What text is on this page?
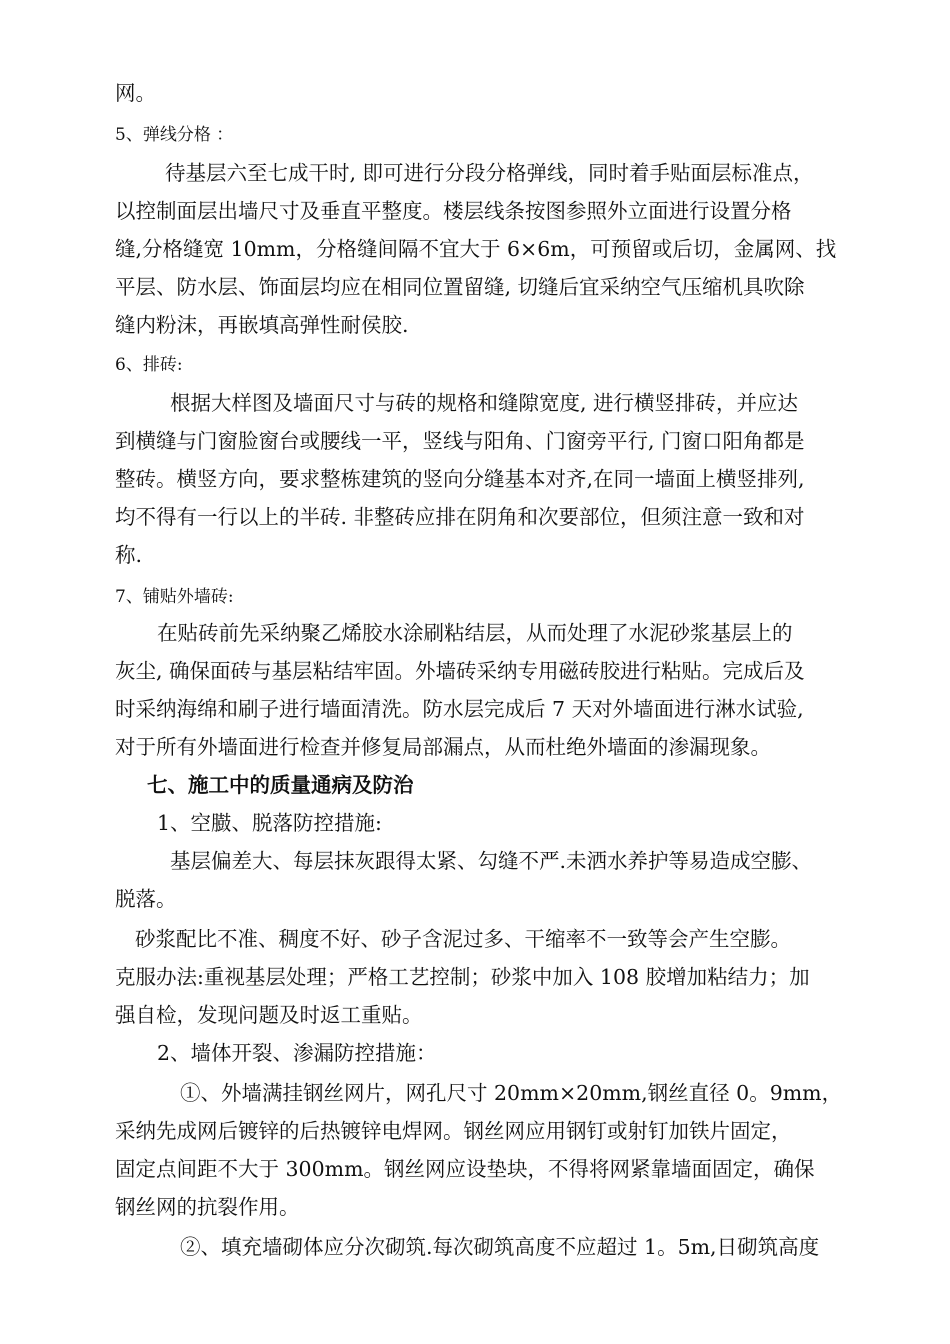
网。
5、弹线分格 ：
待基层六至七成干时, 即可进行分段分格弹线，同时着手贴面层标准点，
以控制面层出墙尺寸及垂直平整度。楼层线条按图参照外立面进行设置分格
缝,分格缝宽 10mm，分格缝间隔不宜大于 6×6m，可预留或后切，金属网、找
平层、防水层、饰面层均应在相同位置留缝, 切缝后宜采纳空气压缩机具吹除
缝内粉沫，再嵌填高弹性耐侯胶.
6、排砖:
根据大样图及墙面尺寸与砖的规格和缝隙宽度, 进行横竖排砖，并应达
到横缝与门窗脸窗台或腰线一平，竖线与阳角、门窗旁平行, 门窗口阳角都是
整砖。横竖方向，要求整栋建筑的竖向分缝基本对齐,在同一墙面上横竖排列,
均不得有一行以上的半砖. 非整砖应排在阴角和次要部位，但须注意一致和对
称.
7、铺贴外墙砖:
在贴砖前先采纳聚乙烯胶水涂刷粘结层，从而处理了水泥砂浆基层上的
灰尘, 确保面砖与基层粘结牢固。外墙砖采纳专用磁砖胶进行粘贴。完成后及
时采纳海绵和刷子进行墙面清洗。防水层完成后 7 天对外墙面进行淋水试验,
对于所有外墙面进行检查并修复局部漏点，从而杜绝外墙面的渗漏现象。
七、施工中的质量通病及防治
1、空臌、脱落防控措施:
基层偏差大、每层抹灰跟得太紧、勾缝不严.未洒水养护等易造成空膨、
脱落。
砂浆配比不准、稠度不好、砂子含泥过多、干缩率不一致等会产生空膨。
克服办法:重视基层处理；严格工艺控制；砂浆中加入 108 胶增加粘结力；加
强自检，发现问题及时返工重贴。
2、墙体开裂、渗漏防控措施：
①、外墙满挂钢丝网片，网孔尺寸 20mm×20mm,钢丝直径 0。9mm，
采纳先成网后镀锌的后热镀锌电焊网。钢丝网应用钢钉或射钉加铁片固定，
固定点间距不大于 300mm。钢丝网应设垫块，不得将网紧靠墙面固定，确保
钢丝网的抗裂作用。
②、填充墙砌体应分次砌筑.每次砌筑高度不应超过 1。5m,日砌筑高度
